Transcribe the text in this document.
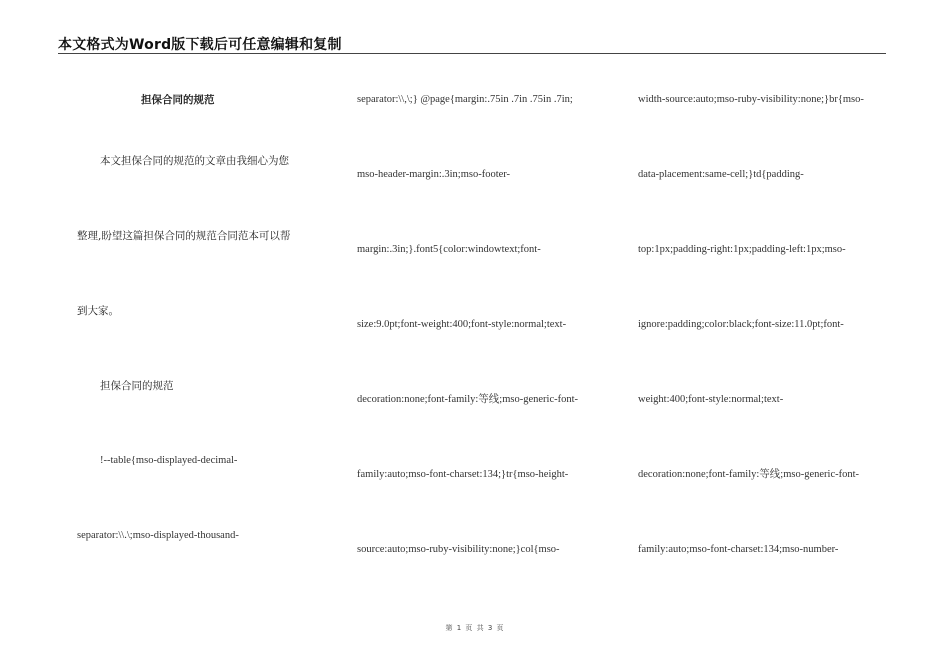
本文格式为Word版下载后可任意编辑和复制
担保合同的规范
本文担保合同的规范的文章由我细心为您
整理,盼望这篇担保合同的规范合同范本可以帮
到大家。
担保合同的规范
!--table{mso-displayed-decimal-
separator:\\.\;mso-displayed-thousand-
separator:\\,\;} @page{margin:.75in .7in .75in .7in;
mso-header-margin:.3in;mso-footer-
margin:.3in;}.font5{color:windowtext;font-
size:9.0pt;font-weight:400;font-style:normal;text-
decoration:none;font-family:等线;mso-generic-font-
family:auto;mso-font-charset:134;}tr{mso-height-
source:auto;mso-ruby-visibility:none;}col{mso-
width-source:auto;mso-ruby-visibility:none;}br{mso-
data-placement:same-cell;}td{padding-
top:1px;padding-right:1px;padding-left:1px;mso-
ignore:padding;color:black;font-size:11.0pt;font-
weight:400;font-style:normal;text-
decoration:none;font-family:等线;mso-generic-font-
family:auto;mso-font-charset:134;mso-number-
第 1 页 共 3 页
